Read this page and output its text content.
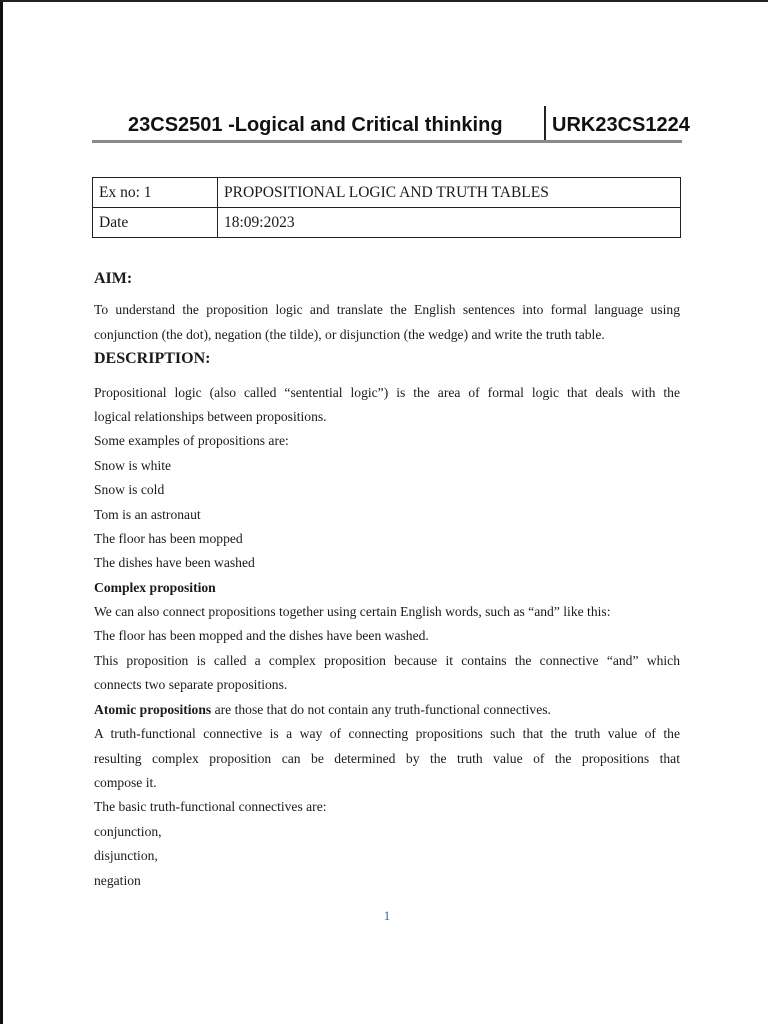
23CS2501 -Logical and Critical thinking URK23CS1224
Ex no: 1	PROPOSITIONAL LOGIC AND TRUTH TABLES
Date	18:09:2023
AIM:
To understand the proposition logic and translate the English sentences into formal language using
conjunction (the dot), negation (the tilde), or disjunction (the wedge) and write the truth table.
DESCRIPTION:
Propositional logic (also called “sentential logic”) is the area of formal logic that deals with the
logical relationships between propositions.
Some examples of propositions are:
Snow is white
Snow is cold
Tom is an astronaut
The floor has been mopped
The dishes have been washed
Complex proposition
We can also connect propositions together using certain English words, such as “and” like this:
The floor has been mopped and the dishes have been washed.
This proposition is called a complex proposition because it contains the connective “and” which
connects two separate propositions.
Atomic propositions are those that do not contain any truth-functional connectives.
A truth-functional connective is a way of connecting propositions such that the truth value of the
resulting complex proposition can be determined by the truth value of the propositions that
compose it.
The basic truth-functional connectives are:
conjunction,
disjunction,
negation
1
